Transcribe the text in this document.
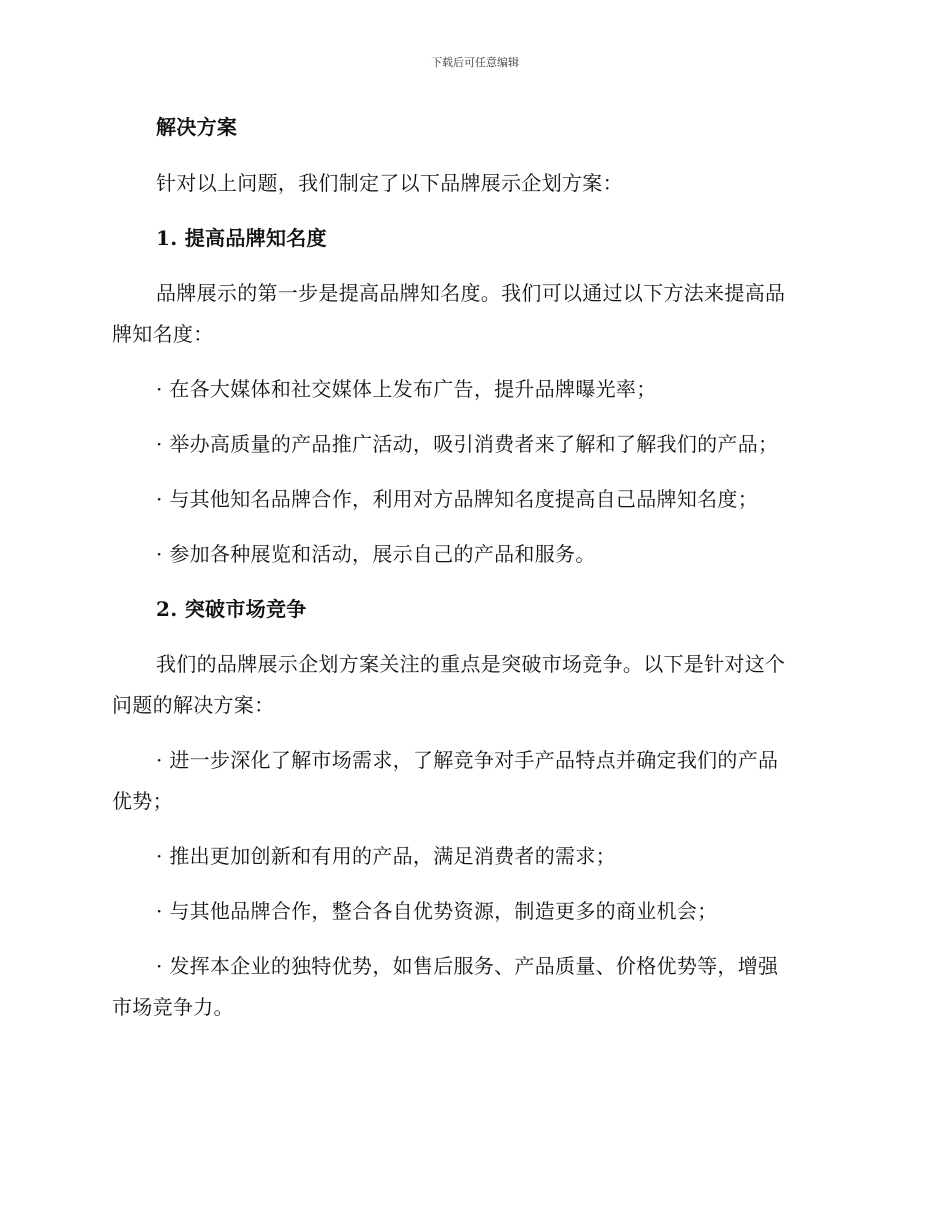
下载后可任意编辑
解决方案
针对以上问题，我们制定了以下品牌展示企划方案：
1. 提高品牌知名度
品牌展示的第一步是提高品牌知名度。我们可以通过以下方法来提高品
牌知名度：
· 在各大媒体和社交媒体上发布广告，提升品牌曝光率；
· 举办高质量的产品推广活动，吸引消费者来了解和了解我们的产品；
· 与其他知名品牌合作，利用对方品牌知名度提高自己品牌知名度；
· 参加各种展览和活动，展示自己的产品和服务。
2. 突破市场竞争
我们的品牌展示企划方案关注的重点是突破市场竞争。以下是针对这个
问题的解决方案：
· 进一步深化了解市场需求，了解竞争对手产品特点并确定我们的产品
优势；
· 推出更加创新和有用的产品，满足消费者的需求；
· 与其他品牌合作，整合各自优势资源，制造更多的商业机会；
· 发挥本企业的独特优势，如售后服务、产品质量、价格优势等，增强
市场竞争力。
